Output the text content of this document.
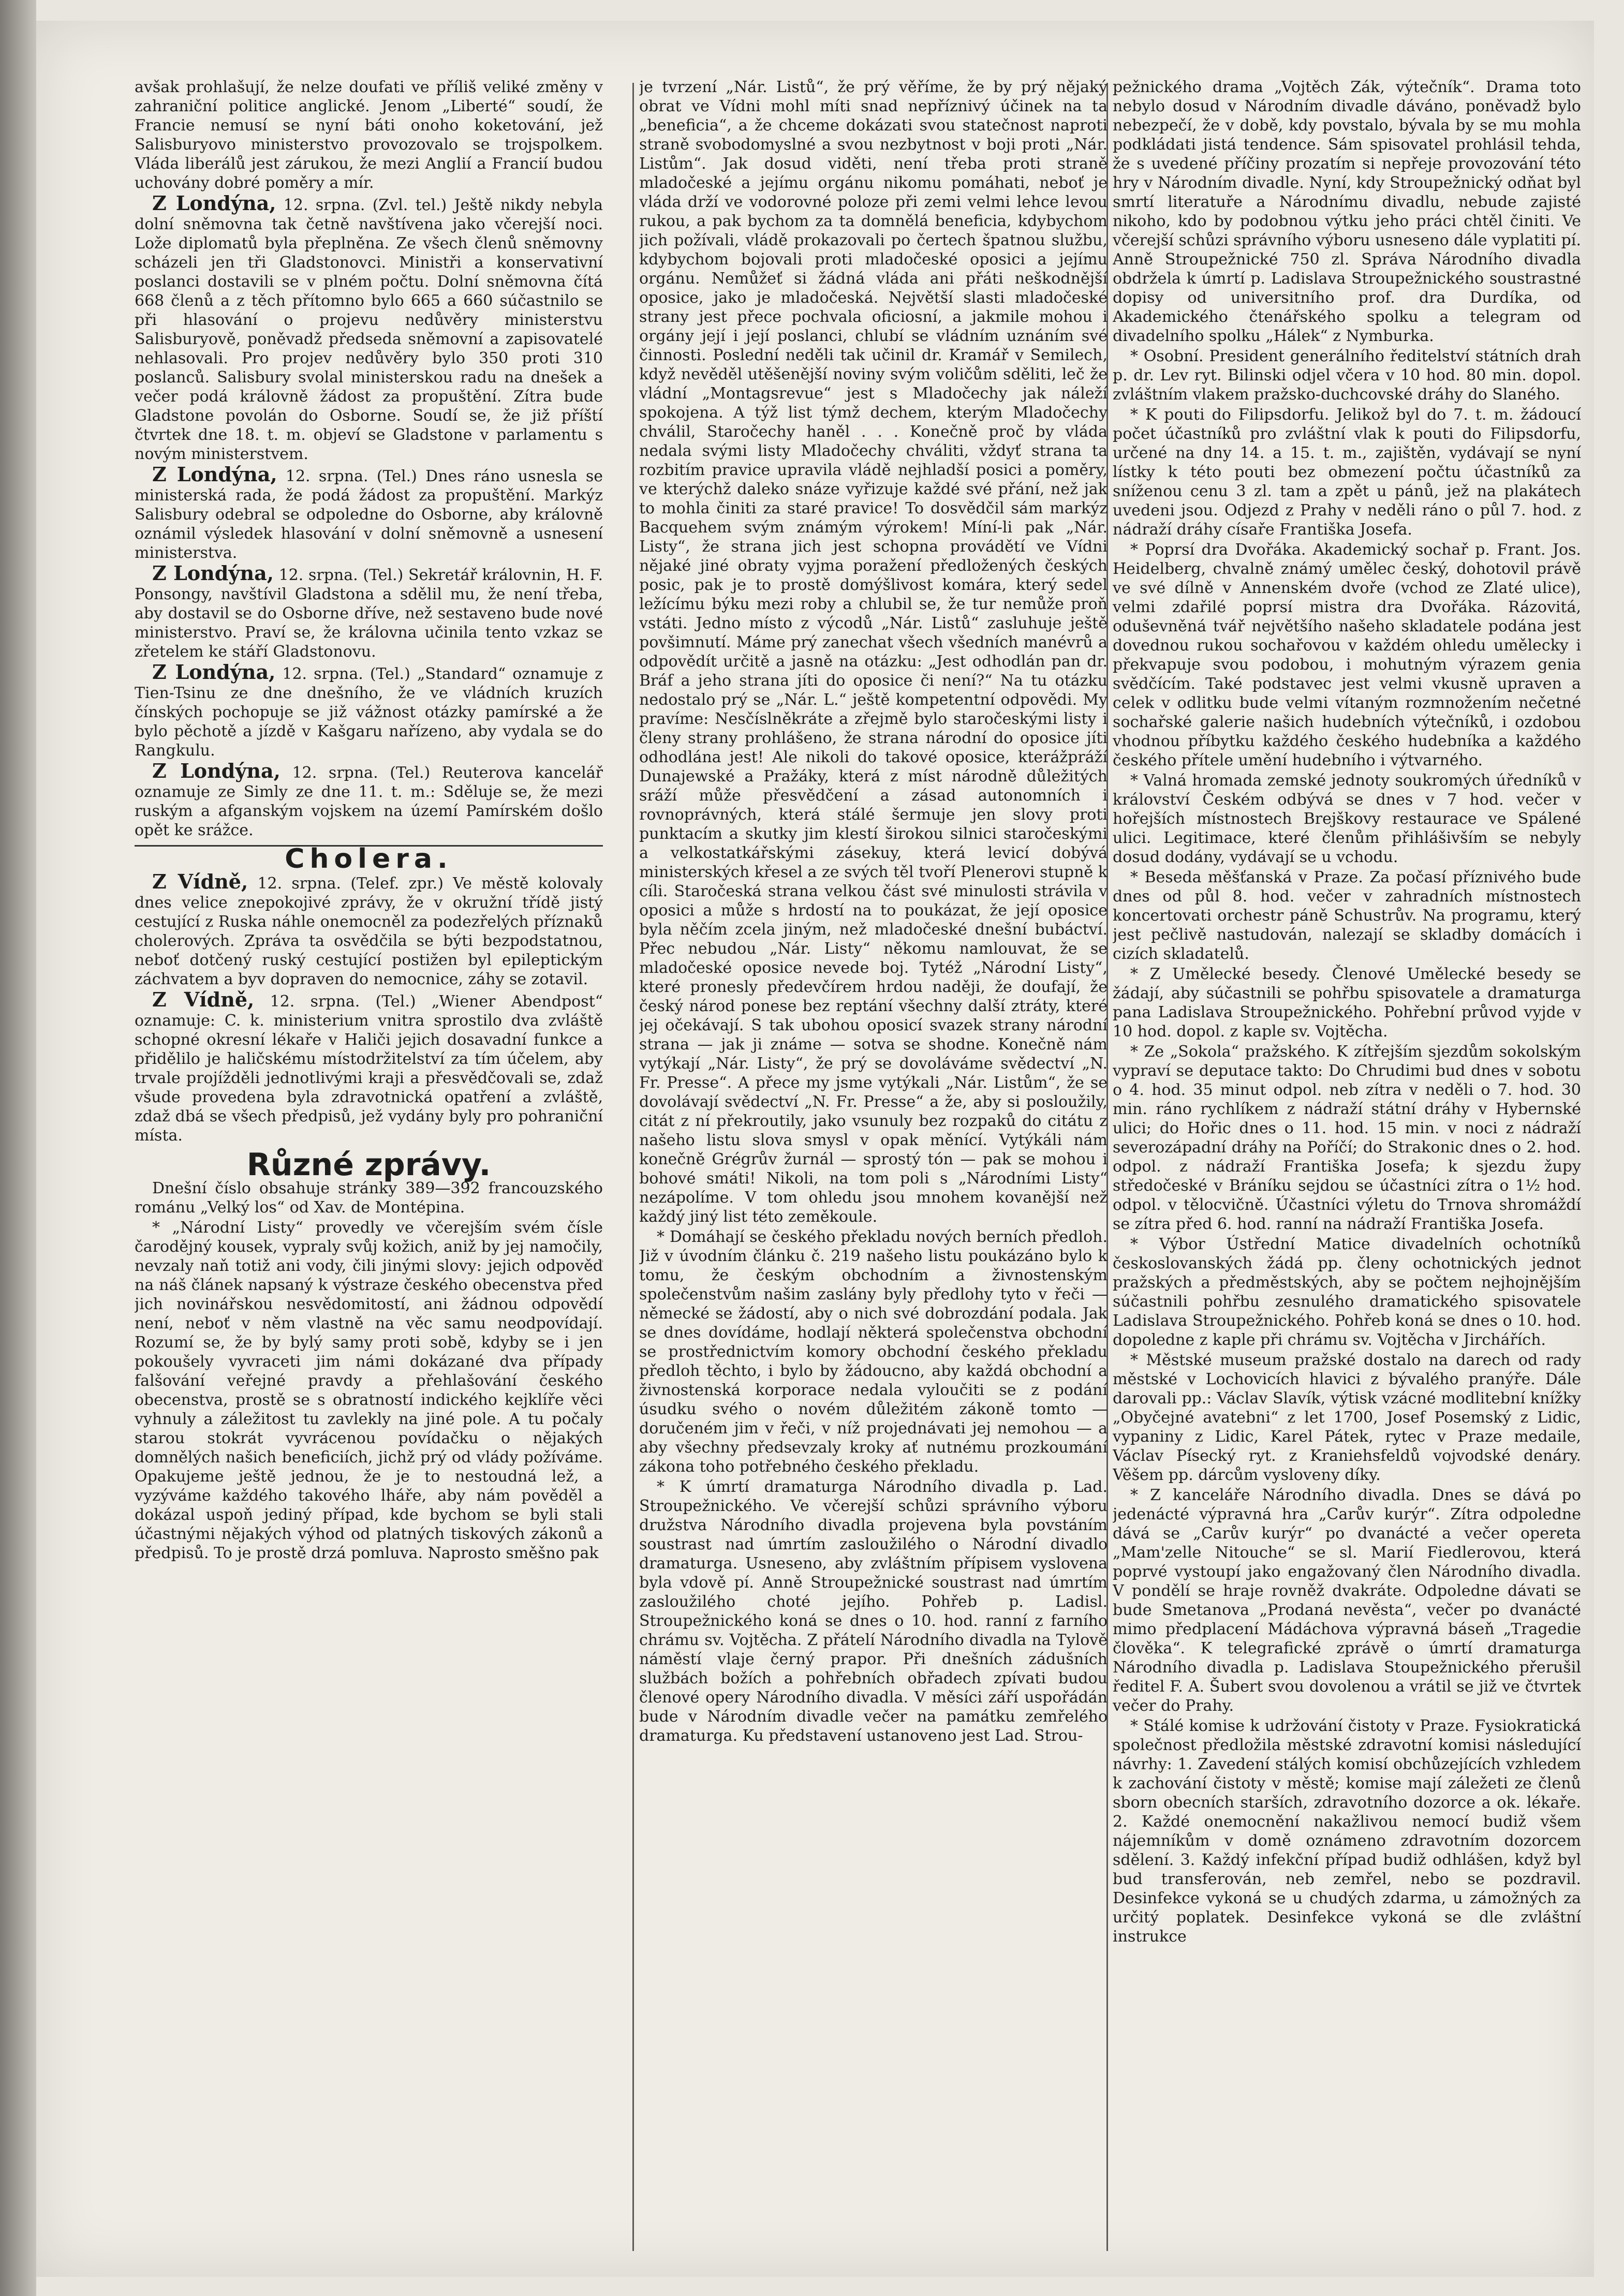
avšak prohlašují, že nelze doufati ve příliš veliké změny v zahraniční politice anglické. Jenom „Liberté“ soudí, že Francie nemusí se nyní báti onoho koketování, jež Salisburyovo ministerstvo provozovalo se trojspolkem. Vláda liberálů jest zárukou, že mezi Anglií a Francií budou uchovány dobré poměry a mír.

Z Londýna, 12. srpna. (Zvl. tel.) Ještě nikdy nebyla dolní sněmovna tak četně navštívena jako včerejší noci. Lože diplomatů byla přeplněna. Ze všech členů sněmovny scházeli jen tři Gladstonovci. Ministři a konservativní poslanci dostavili se v plném počtu. Dolní sněmovna čítá 668 členů a z těch přítomno bylo 665 a 660 súčastnilo se při hlasování o projevu nedůvěry ministerstvu Salisburyově, poněvadž předseda sněmovní a zapisovatelé nehlasovali. Pro projev nedůvěry bylo 350 proti 310 poslanců. Salisbury svolal ministerskou radu na dnešek a večer podá královně žádost za propuštění. Zítra bude Gladstone povolán do Osborne. Soudí se, že již příští čtvrtek dne 18. t. m. objeví se Gladstone v parlamentu s novým ministerstvem.

Z Londýna, 12. srpna. (Tel.) Dnes ráno usnesla se ministerská rada, že podá žádost za propuštění. Markýz Salisbury odebral se odpoledne do Osborne, aby královně oznámil výsledek hlasování v dolní sněmovně a usnesení ministerstva.

Z Londýna, 12. srpna. (Tel.) Sekretář královnin, H. F. Ponsongy, navštívil Gladstona a sdělil mu, že není třeba, aby dostavil se do Osborne dříve, než sestaveno bude nové ministerstvo. Praví se, že královna učinila tento vzkaz se zřetelem ke stáří Gladstonovu.

Z Londýna, 12. srpna. (Tel.) „Standard“ oznamuje z Tien-Tsinu ze dne dnešního, že ve vládních kruzích čínských pochopuje se již vážnost otázky pamírské a že bylo pěchotě a jízdě v Kašgaru nařízeno, aby vydala se do Rangkulu.

Z Londýna, 12. srpna. (Tel.) Reuterova kancelář oznamuje ze Simly ze dne 11. t. m.: Sděluje se, že mezi ruským a afganským vojskem na území Pamírském došlo opět ke srážce.

Cholera.

Z Vídně, 12. srpna. (Telef. zpr.) Ve městě kolovaly dnes velice znepokojivé zprávy, že v okružní třídě jistý cestující z Ruska náhle onemocněl za podezřelých příznaků cholerových. Zpráva ta osvědčila se býti bezpodstatnou, neboť dotčený ruský cestující postižen byl epileptickým záchvatem a byv dopraven do nemocnice, záhy se zotavil.

Z Vídně, 12. srpna. (Tel.) „Wiener Abendpost“ oznamuje: C. k. ministerium vnitra sprostilo dva zvláště schopné okresní lékaře v Haliči jejich dosavadní funkce a přidělilo je haličskému místodržitelství za tím účelem, aby trvale projížděli jednotlivými kraji a přesvědčovali se, zdaž všude provedena byla zdravotnická opatření a zvláště, zdaž dbá se všech předpisů, jež vydány byly pro pohraniční místa.

Různé zprávy.

Dnešní číslo obsahuje stránky 389—392 francouzského románu „Velký los“ od Xav. de Montépina.

* „Národní Listy“ provedly ve včerejším svém čísle čarodějný kousek, vypraly svůj kožich, aniž by jej namočily, nevzaly naň totiž ani vody, čili jinými slovy: jejich odpověď na náš článek napsaný k výstraze českého obecenstva před jich novinářskou nesvědomitostí, ani žádnou odpovědí není, neboť v něm vlastně na věc samu neodpovídají. Rozumí se, že by bylý samy proti sobě, kdyby se i jen pokoušely vyvraceti jim námi dokázané dva případy falšování veřejné pravdy a přehlašování českého obecenstva, prostě se s obratností indického kejklíře věci vyhnuly a záležitost tu zavlekly na jiné pole. A tu počaly starou stokrát vyvrácenou povídačku o nějakých domnělých našich beneficiích, jichž prý od vlády požíváme. Opakujeme ještě jednou, že je to nestoudná lež, a vyzýváme každého takového lháře, aby nám pověděl a dokázal uspoň jediný případ, kde bychom se byli stali účastnými nějakých výhod od platných tiskových zákonů a předpisů. To je prostě drzá pomluva. Naprosto směšno pak

je tvrzení „Nár. Listů“, že prý věříme, že by prý nějaký obrat ve Vídni mohl míti snad nepříznivý účinek na ta „beneficia“, a že chceme dokázati svou statečnost naproti straně svobodomyslné a svou nezbytnost v boji proti „Nár. Listům“. Jak dosud viděti, není třeba proti straně mladočeské a jejímu orgánu nikomu pomáhati, neboť je vláda drží ve vodorovné poloze při zemi velmi lehce levou rukou, a pak bychom za ta domnělá beneficia, kdybychom jich požívali, vládě prokazovali po čertech špatnou službu, kdybychom bojovali proti mladočeské oposici a jejímu orgánu. Nemůžeť si žádná vláda ani přáti neškodnější oposice, jako je mladočeská. Největší slasti mladočeské strany jest přece pochvala oficiosní, a jakmile mohou i orgány její i její poslanci, chlubí se vládním uznáním své činnosti. Poslední neděli tak učinil dr. Kramář v Semilech, když nevěděl utěšenější noviny svým voličům sděliti, leč že vládní „Montagsrevue“ jest s Mladočechy jak náleží spokojena. A týž list týmž dechem, kterým Mladočechy chválil, Staročechy haněl . . . Konečně proč by vláda nedala svými listy Mladočechy chváliti, vždyť strana ta rozbitím pravice upravila vládě nejhladší posici a poměry, ve kterýchž daleko snáze vyřizuje každé své přání, než jak to mohla činiti za staré pravice! To dosvědčil sám markýz Bacquehem svým známým výrokem! Míní-li pak „Nár. Listy“, že strana jich jest schopna provádětí ve Vídni nějaké jiné obraty vyjma poražení předložených českých posic, pak je to prostě domýšlivost komára, který sedel ležícímu býku mezi roby a chlubil se, že tur nemůže proň vstáti. Jedno místo z výcodů „Nár. Listů“ zasluhuje ještě povšimnutí. Máme prý zanechat všech všedních manévrů a odpovědít určitě a jasně na otázku: „Jest odhodlán pan dr. Bráf a jeho strana jíti do oposice či není?“ Na tu otázku nedostalo prý se „Nár. L.“ ještě kompetentní odpovědi. My pravíme: Nesčíslněkráte a zřejmě bylo staročeskými listy i členy strany prohlášeno, že strana národní do oposice jíti odhodlána jest! Ale nikoli do takové oposice, kterážpráží Dunajewské a Pražáky, která z míst národně důležitých sráží může přesvědčení a zásad autonomních i rovnoprávných, která stálé šermuje jen slovy proti punktacím a skutky jim klestí širokou silnici staročeskými a velkostatkářskými zásekuy, která levicí dobývá ministerských křesel a ze svých těl tvoří Plenerovi stupně k cíli. Staročeská strana velkou část své minulosti strávila v oposici a může s hrdostí na to poukázat, že její oposice byla něčím zcela jiným, než mladočeské dnešní bubáctví. Přec nebudou „Nár. Listy“ někomu namlouvat, že se mladočeské oposice nevede boj. Tytéž „Národní Listy“, které pronesly předevčírem hrdou naději, že doufají, že český národ ponese bez reptání všechny další ztráty, které jej očekávají. S tak ubohou oposicí svazek strany národní strana — jak ji známe — sotva se shodne. Konečně nám vytýkají „Nár. Listy“, že prý se dovoláváme svědectví „N. Fr. Presse“. A přece my jsme vytýkali „Nár. Listům“, že se dovolávají svědectví „N. Fr. Presse“ a že, aby si posloužily, citát z ní překroutily, jako vsunuly bez rozpaků do citátu z našeho listu slova smysl v opak měnící. Vytýkáli nám konečně Grégrův žurnál — sprostý tón — pak se mohou i bohové smáti! Nikoli, na tom poli s „Národními Listy“ nezápolíme. V tom ohledu jsou mnohem kovanější než každý jiný list této zeměkoule.

* Domáhají se českého překladu nových berních předloh. Již v úvodním článku č. 219 našeho listu poukázáno bylo k tomu, že českým obchodním a živnostenským společenstvům našim zaslány byly předlohy tyto v řeči — německé se žádostí, aby o nich své dobrozdání podala. Jak se dnes dovídáme, hodlají některá společenstva obchodní se prostřednictvím komory obchodní českého překladu předloh těchto, i bylo by žádoucno, aby každá obchodní a živnostenská korporace nedala vyloučiti se z podání úsudku svého o novém důležitém zákoně tomto — doručeném jim v řeči, v níž projednávati jej nemohou — a aby všechny předsevzaly kroky ať nutnému prozkoumání zákona toho potřebného českého překladu.

* K úmrtí dramaturga Národního divadla p. Lad. Stroupežnického. Ve včerejší schůzi správního výboru družstva Národního divadla projevena byla povstáním soustrast nad úmrtím zasloužilého o Národní divadlo dramaturga. Usneseno, aby zvláštním přípisem vyslovena byla vdově pí. Anně Stroupežnické soustrast nad úmrtím zasloužilého choté jejího. Pohřeb p. Ladisl. Stroupežnického koná se dnes o 10. hod. ranní z farního chrámu sv. Vojtěcha. Z přátelí Národního divadla na Tylově náměstí vlaje černý prapor. Při dnešních zádušních službách božích a pohřebních obřadech zpívati budou členové opery Národního divadla. V měsíci září uspořádán bude v Národním divadle večer na památku zemřelého dramaturga. Ku představení ustanoveno jest Lad. Strou-

pežnického drama „Vojtěch Zák, výtečník“. Drama toto nebylo dosud v Národním divadle dáváno, poněvadž bylo nebezpečí, že v době, kdy povstalo, bývala by se mu mohla podkládati jistá tendence. Sám spisovatel prohlásil tehda, že s uvedené příčiny prozatím si nepřeje provozování této hry v Národním divadle. Nyní, kdy Stroupežnický odňat byl smrtí literatuře a Národnímu divadlu, nebude zajisté nikoho, kdo by podobnou výtku jeho práci chtěl činiti. Ve včerejší schůzi správního výboru usneseno dále vyplatiti pí. Anně Stroupežnické 750 zl. Správa Národního divadla obdržela k úmrtí p. Ladislava Stroupežnického soustrastné dopisy od universitního prof. dra Durdíka, od Akademického čtenářského spolku a telegram od divadelního spolku „Hálek“ z Nymburka.

* Osobní. President generálního ředitelství státních drah p. dr. Lev ryt. Bilinski odjel včera v 10 hod. 80 min. dopol. zvláštním vlakem pražsko-duchcovské dráhy do Slaného.

* K pouti do Filipsdorfu. Jelikož byl do 7. t. m. žádoucí počet účastníků pro zvláštní vlak k pouti do Filipsdorfu, určené na dny 14. a 15. t. m., zajištěn, vydávají se nyní lístky k této pouti bez obmezení počtu účastníků za sníženou cenu 3 zl. tam a zpět u pánů, jež na plakátech uvedeni jsou. Odjezd z Prahy v neděli ráno o půl 7. hod. z nádraží dráhy císaře Františka Josefa.

* Poprsí dra Dvořáka. Akademický sochař p. Frant. Jos. Heidelberg, chvalně známý umělec český, dohotovil právě ve své dílně v Annenském dvoře (vchod ze Zlaté ulice), velmi zdařilé poprsí mistra dra Dvořáka. Rázovitá, oduševněná tvář největšího našeho skladatele podána jest dovednou rukou sochařovou v každém ohledu umělecky i překvapuje svou podobou, i mohutným výrazem genia svědčícím. Také podstavec jest velmi vkusně upraven a celek v odlitku bude velmi vítaným rozmnožením nečetné sochařské galerie našich hudebních výtečníků, i ozdobou vhodnou příbytku každého českého hudebníka a každého českého přítele umění hudebního i výtvarného.

* Valná hromada zemské jednoty soukromých úředníků v království Českém odbývá se dnes v 7 hod. večer v hořejších místnostech Brejškovy restaurace ve Spálené ulici. Legitimace, které členům přihlášivším se nebyly dosud dodány, vydávají se u vchodu.

* Beseda měšťanská v Praze. Za počasí příznivého bude dnes od půl 8. hod. večer v zahradních místnostech koncertovati orchestr páně Schustrův. Na programu, který jest pečlivě nastudován, nalezají se skladby domácích i cizích skladatelů.

* Z Umělecké besedy. Členové Umělecké besedy se žádají, aby súčastnili se pohřbu spisovatele a dramaturga pana Ladislava Stroupežnického. Pohřební průvod vyjde v 10 hod. dopol. z kaple sv. Vojtěcha.

* Ze „Sokola“ pražského. K zítřejším sjezdům sokolským vypraví se deputace takto: Do Chrudimi bud dnes v sobotu o 4. hod. 35 minut odpol. neb zítra v neděli o 7. hod. 30 min. ráno rychlíkem z nádraží státní dráhy v Hybernské ulici; do Hořic dnes o 11. hod. 15 min. v noci z nádraží severozápadní dráhy na Poříčí; do Strakonic dnes o 2. hod. odpol. z nádraží Františka Josefa; k sjezdu župy středočeské v Bráníku sejdou se účastníci zítra o 1½ hod. odpol. v tělocvičně. Účastníci výletu do Trnova shromáždí se zítra před 6. hod. ranní na nádraží Františka Josefa.

* Výbor Ústřední Matice divadelních ochotníků českoslovanských žádá pp. členy ochotnických jednot pražských a předměstských, aby se počtem nejhojnějším súčastnili pohřbu zesnulého dramatického spisovatele Ladislava Stroupežnického. Pohřeb koná se dnes o 10. hod. dopoledne z kaple při chrámu sv. Vojtěcha v Jirchářích.

* Městské museum pražské dostalo na darech od rady městské v Lochovicích hlavici z bývalého pranýře. Dále darovali pp.: Václav Slavík, výtisk vzácné modlitební knížky „Obyčejné avatebni“ z let 1700, Josef Posemský z Lidic, vypaniny z Lidic, Karel Pátek, rytec v Praze medaile, Václav Písecký ryt. z Kraniehsfeldů vojvodské denáry. Věšem pp. dárcům vysloveny díky.

* Z kanceláře Národního divadla. Dnes se dává po jedenácté výpravná hra „Carův kurýr“. Zítra odpoledne dává se „Carův kurýr“ po dvanácté a večer opereta „Mam'zelle Nitouche“ se sl. Marií Fiedlerovou, která poprvé vystoupí jako engažovaný člen Národního divadla. V pondělí se hraje rovněž dvakráte. Odpoledne dávati se bude Smetanova „Prodaná nevěsta“, večer po dvanácté mimo předplacení Mádáchova výpravná báseň „Tragedie člověka“. K telegrafické zprávě o úmrtí dramaturga Národního divadla p. Ladislava Stoupežnického přerušil ředitel F. A. Šubert svou dovolenou a vrátil se již ve čtvrtek večer do Prahy.

* Stálé komise k udržování čistoty v Praze. Fysiokratická společnost předložila městské zdravotní komisi následující návrhy: 1. Zavedení stálých komisí obchůzejících vzhledem k zachování čistoty v městě; komise mají záležeti ze členů sborn obecních starších, zdravotního dozorce a ok. lékaře. 2. Každé onemocnění nakažlivou nemocí budiž všem nájemníkům v domě oznámeno zdravotním dozorcem sdělení. 3. Každý infekční případ budiž odhlášen, když byl bud transferován, neb zemřel, nebo se pozdravil. Desinfekce vykoná se u chudých zdarma, u zámožných za určitý poplatek. Desinfekce vykoná se dle zvláštní instrukce
